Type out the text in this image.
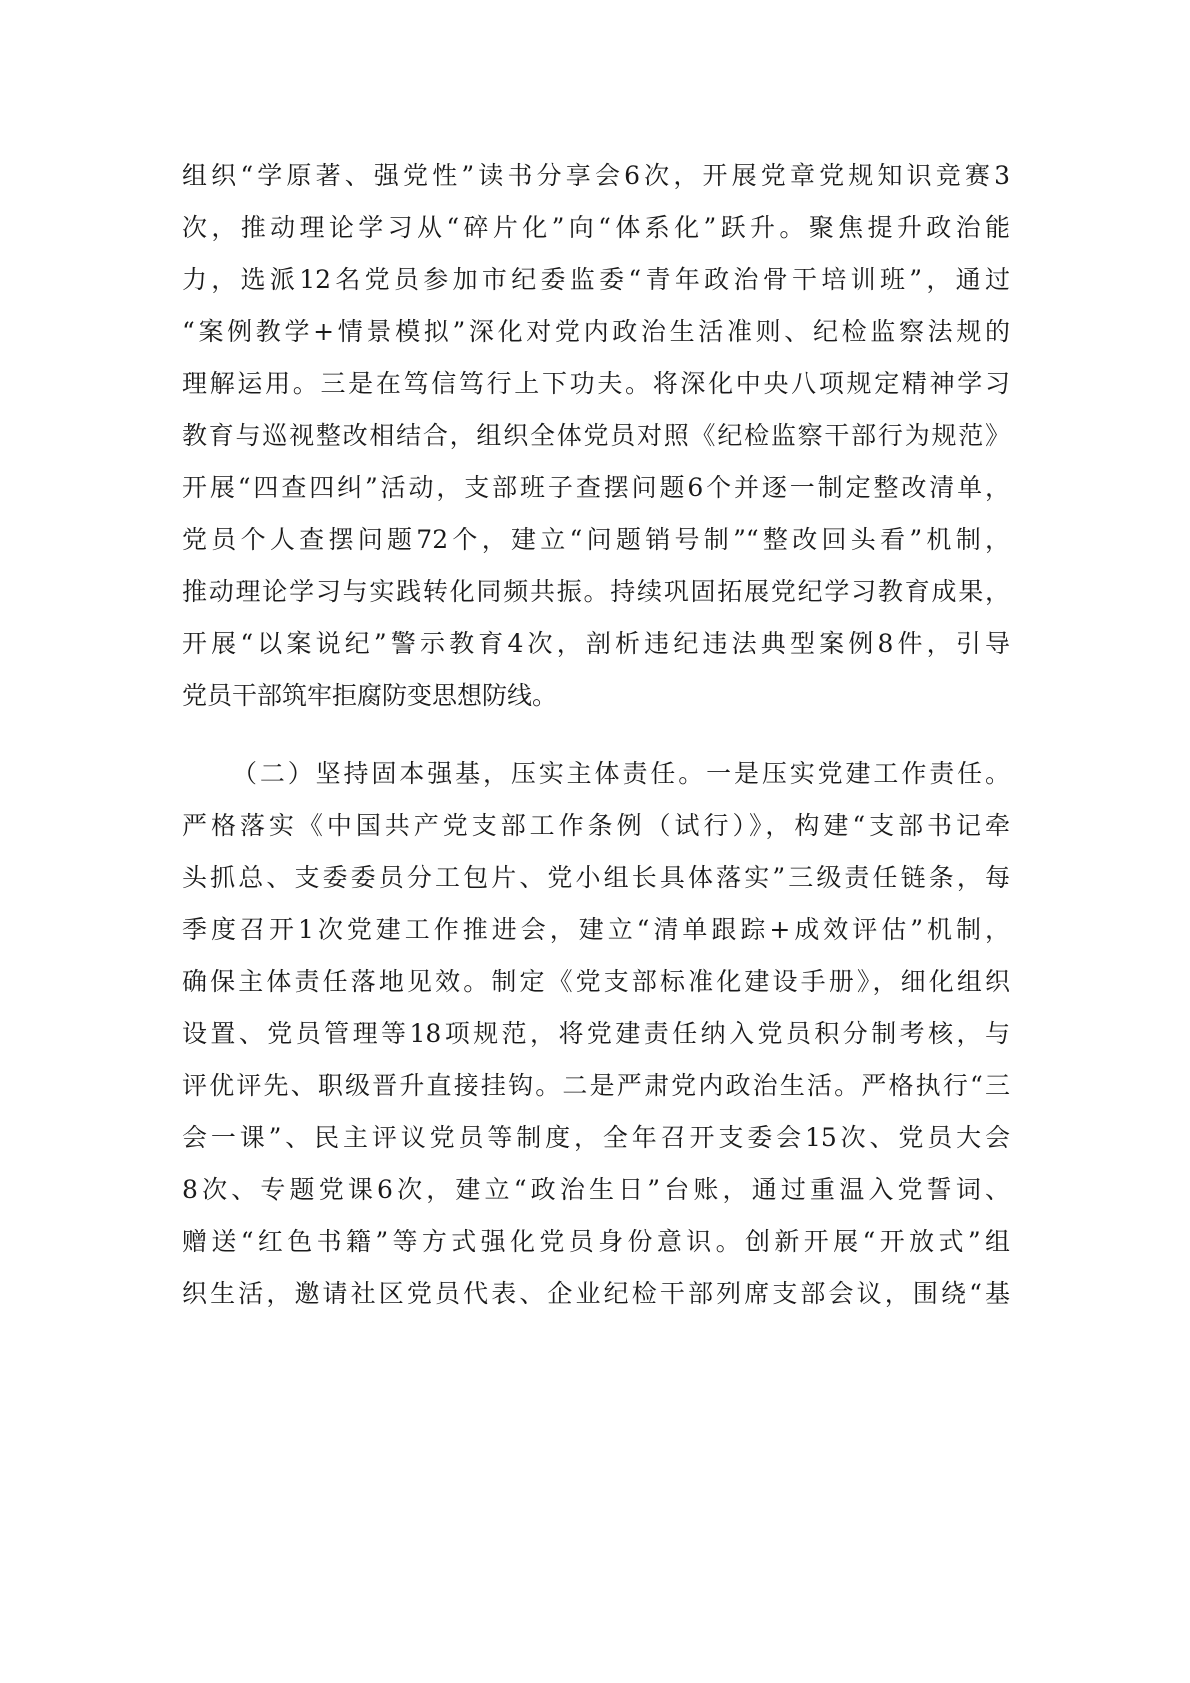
组织“学原著、强党性”读书分享会6次，开展党章党规知识竞赛3
次，推动理论学习从“碎片化”向“体系化”跃升。聚焦提升政治能
力，选派12名党员参加市纪委监委“青年政治骨干培训班”，通过
“案例教学+情景模拟”深化对党内政治生活准则、纪检监察法规的
理解运用。三是在笃信笃行上下功夫。将深化中央八项规定精神学习
教育与巡视整改相结合，组织全体党员对照《纪检监察干部行为规范》
开展“四查四纠”活动，支部班子查摆问题6个并逐一制定整改清单，
党员个人查摆问题72个，建立“问题销号制”“整改回头看”机制，
推动理论学习与实践转化同频共振。持续巩固拓展党纪学习教育成果，
开展“以案说纪”警示教育4次，剖析违纪违法典型案例8件，引导
党员干部筑牢拒腐防变思想防线。
（二）坚持固本强基，压实主体责任。一是压实党建工作责任。
严格落实《中国共产党支部工作条例（试行）》，构建“支部书记牵
头抓总、支委委员分工包片、党小组长具体落实”三级责任链条，每
季度召开1次党建工作推进会，建立“清单跟踪+成效评估”机制，
确保主体责任落地见效。制定《党支部标准化建设手册》，细化组织
设置、党员管理等18项规范，将党建责任纳入党员积分制考核，与
评优评先、职级晋升直接挂钩。二是严肃党内政治生活。严格执行“三
会一课”、民主评议党员等制度，全年召开支委会15次、党员大会
8次、专题党课6次，建立“政治生日”台账，通过重温入党誓词、
赠送“红色书籍”等方式强化党员身份意识。创新开展“开放式”组
织生活，邀请社区党员代表、企业纪检干部列席支部会议，围绕“基
